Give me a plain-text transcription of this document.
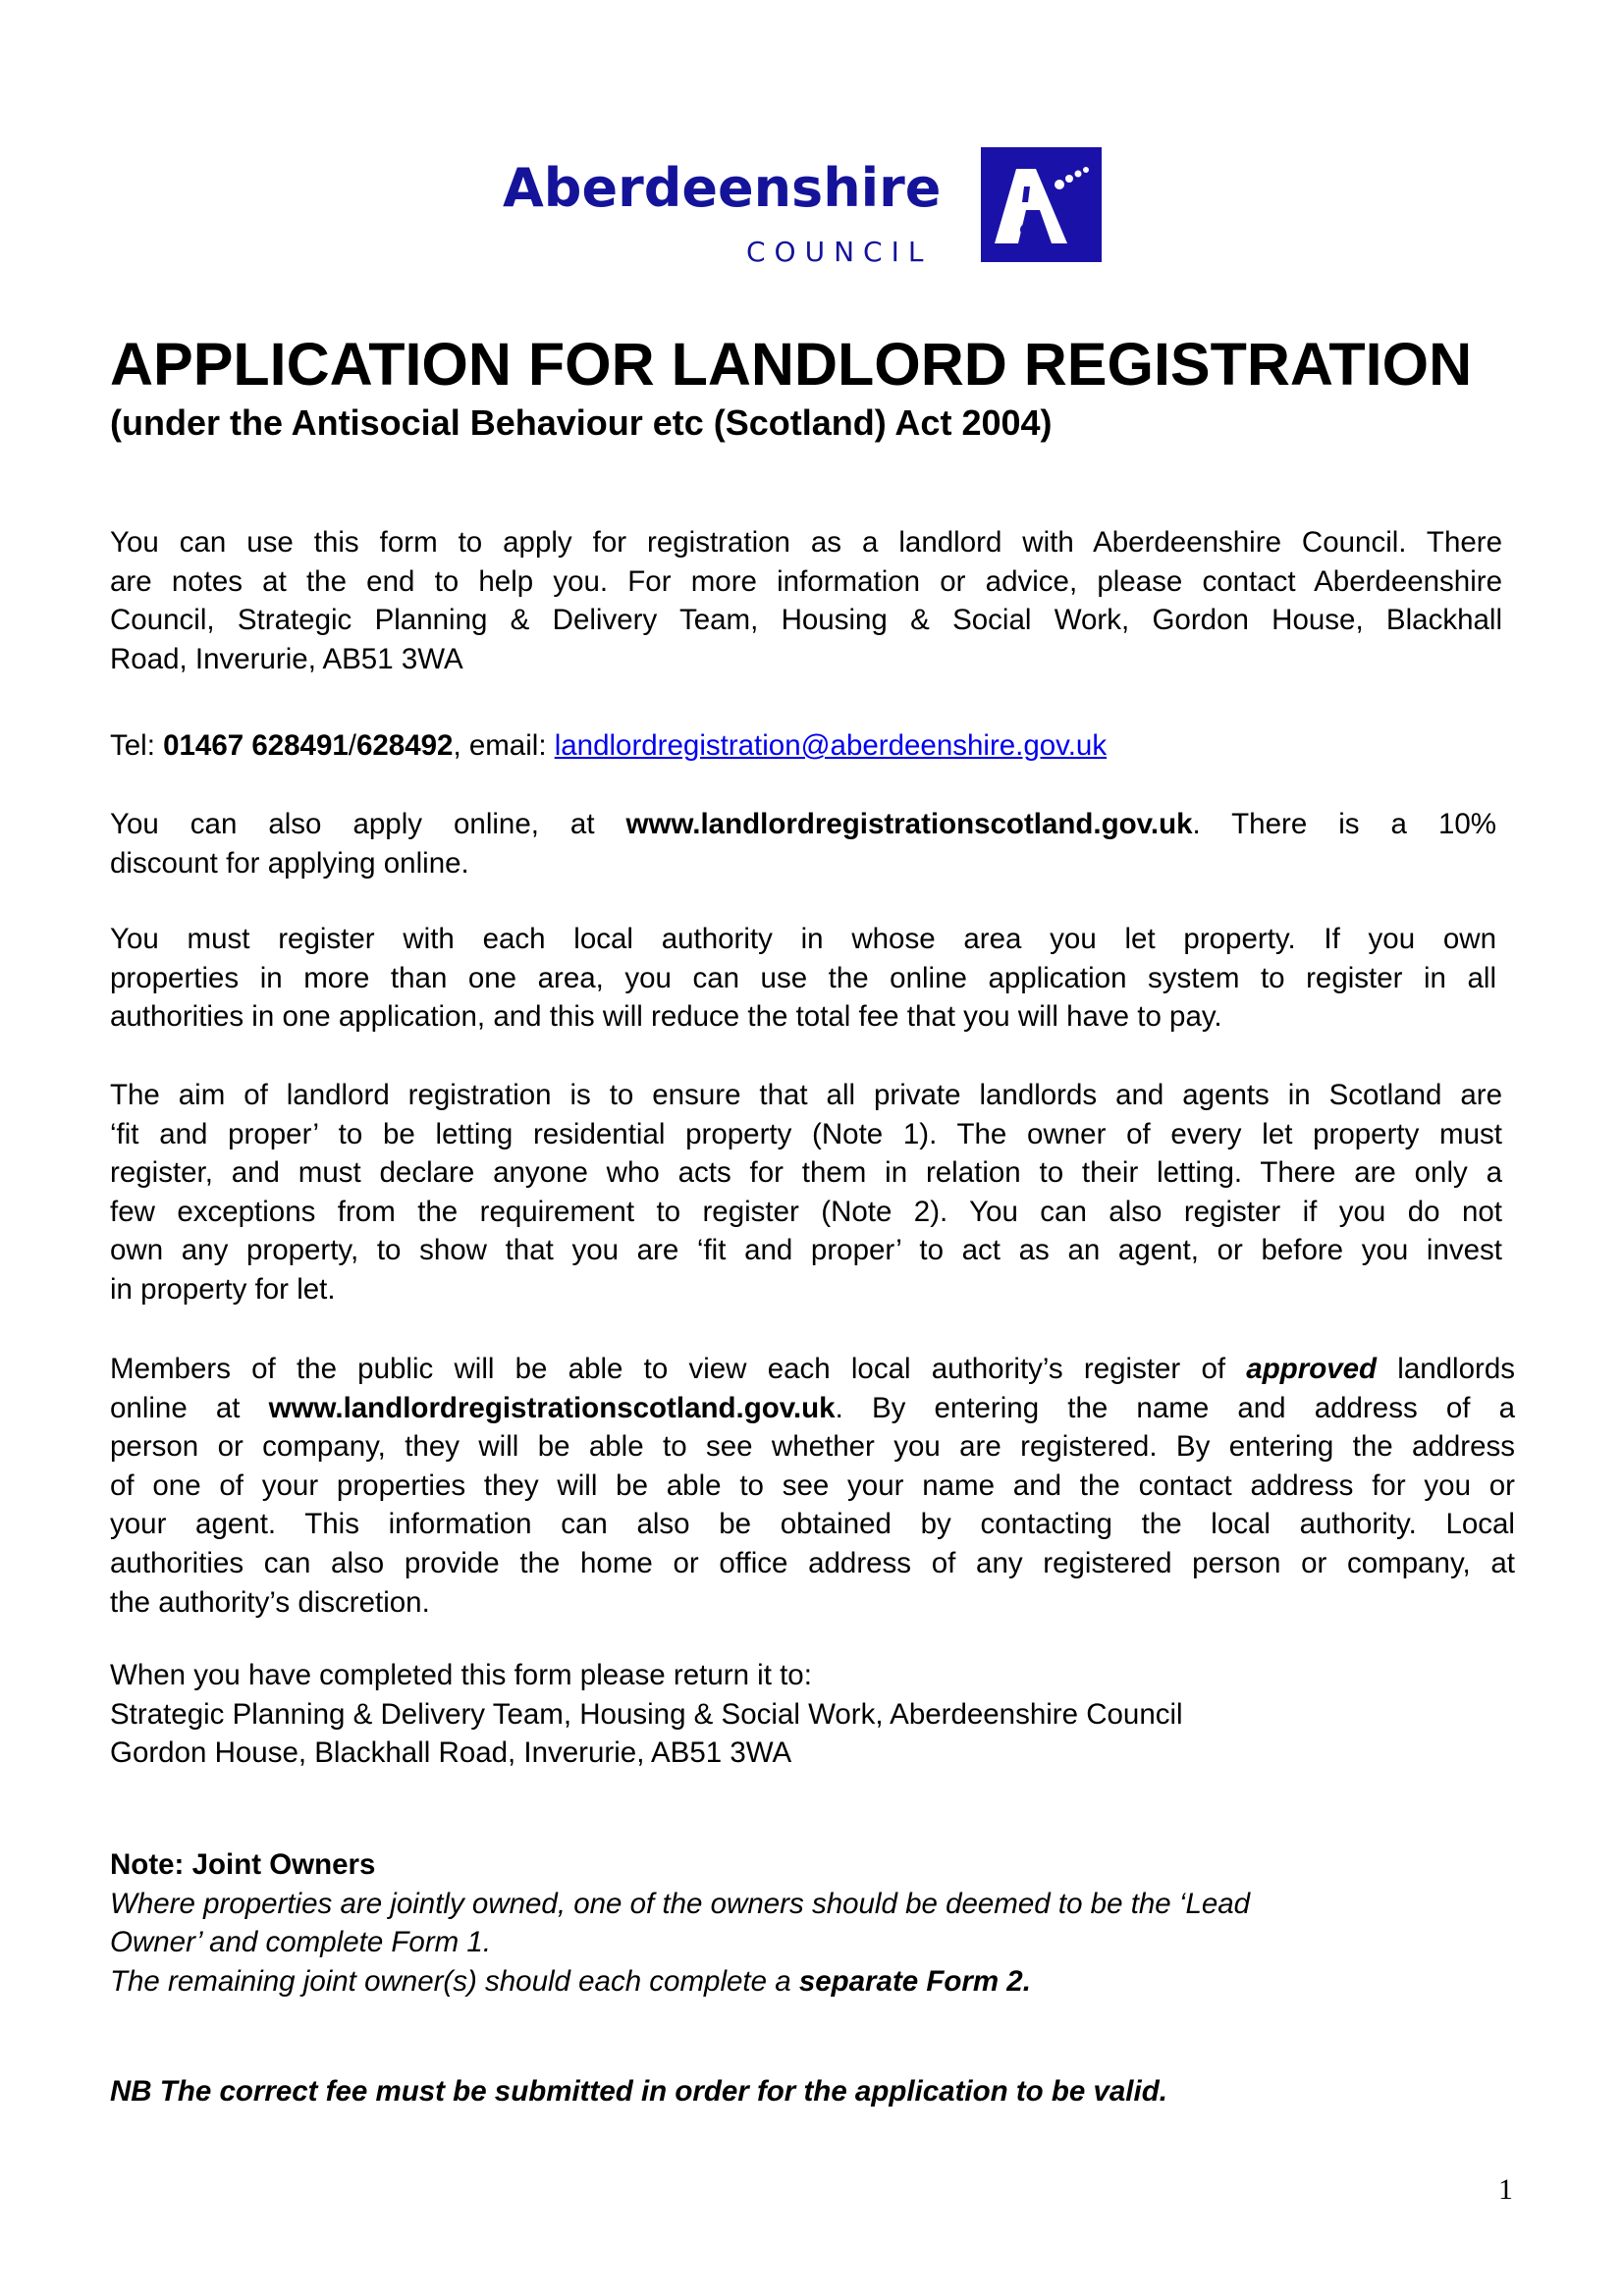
Aberdeenshire
COUNCIL
APPLICATION FOR LANDLORD REGISTRATION
(under the Antisocial Behaviour etc (Scotland) Act 2004)
You can use this form to apply for registration as a landlord with Aberdeenshire Council. There
are notes at the end to help you. For more information or advice, please contact Aberdeenshire
Council, Strategic Planning & Delivery Team, Housing & Social Work, Gordon House, Blackhall
Road, Inverurie, AB51 3WA
Tel: 01467 628491/628492, email: landlordregistration@aberdeenshire.gov.uk
You can also apply online, at www.landlordregistrationscotland.gov.uk. There is a 10%
discount for applying online.
You must register with each local authority in whose area you let property. If you own
properties in more than one area, you can use the online application system to register in all
authorities in one application, and this will reduce the total fee that you will have to pay.
The aim of landlord registration is to ensure that all private landlords and agents in Scotland are
‘fit and proper’ to be letting residential property (Note 1). The owner of every let property must
register, and must declare anyone who acts for them in relation to their letting. There are only a
few exceptions from the requirement to register (Note 2). You can also register if you do not
own any property, to show that you are ‘fit and proper’ to act as an agent, or before you invest
in property for let.
Members of the public will be able to view each local authority’s register of approved landlords
online at www.landlordregistrationscotland.gov.uk. By entering the name and address of a
person or company, they will be able to see whether you are registered. By entering the address
of one of your properties they will be able to see your name and the contact address for you or
your agent. This information can also be obtained by contacting the local authority. Local
authorities can also provide the home or office address of any registered person or company, at
the authority’s discretion.
When you have completed this form please return it to:
Strategic Planning & Delivery Team, Housing & Social Work, Aberdeenshire Council
Gordon House, Blackhall Road, Inverurie, AB51 3WA
Note: Joint Owners
Where properties are jointly owned, one of the owners should be deemed to be the ‘Lead
Owner’ and complete Form 1.
The remaining joint owner(s) should each complete a separate Form 2.
NB The correct fee must be submitted in order for the application to be valid.
1
